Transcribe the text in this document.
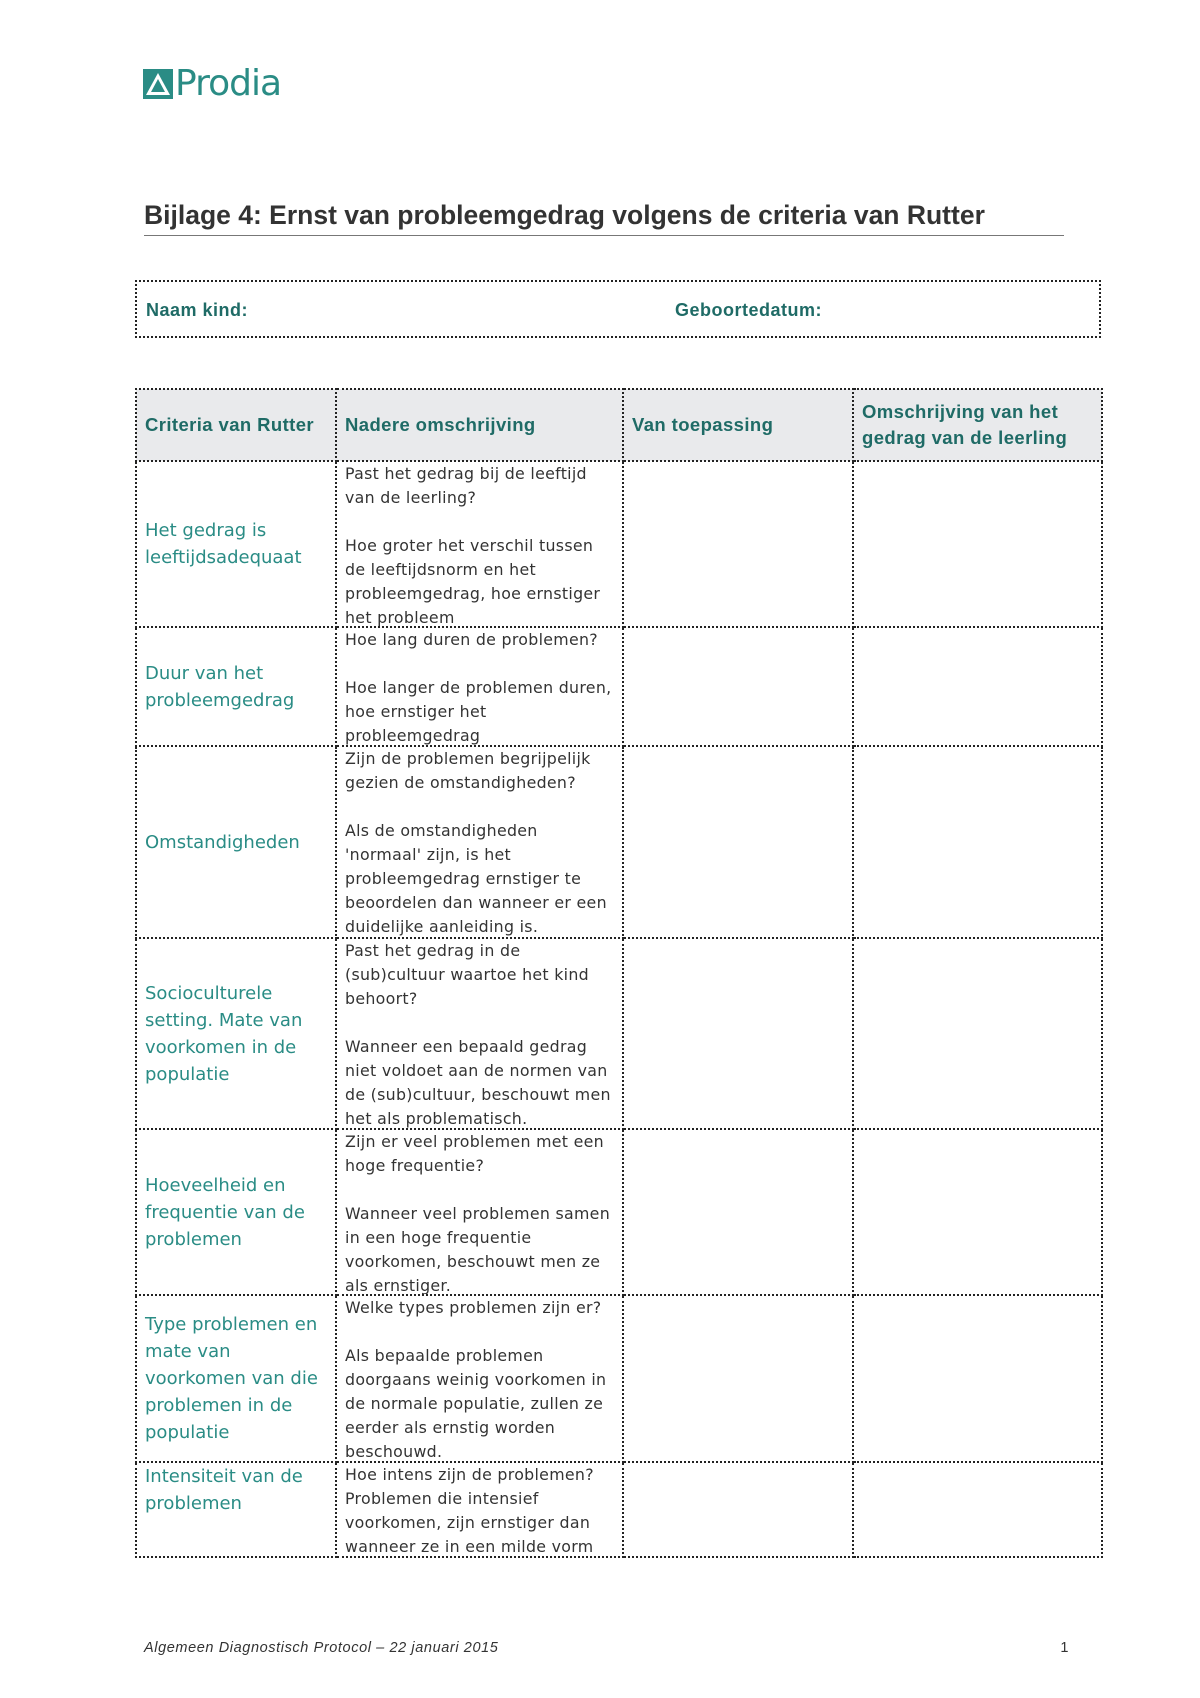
Prodia
Bijlage 4: Ernst van probleemgedrag volgens de criteria van Rutter
Naam kind:	Geboortedatum:
Criteria van Rutter	Nadere omschrijving	Van toepassing	Omschrijving van het gedrag van de leerling
Het gedrag is leeftijdsadequaat	Past het gedrag bij de leeftijd van de leerling?

Hoe groter het verschil tussen de leeftijdsnorm en het probleemgedrag, hoe ernstiger het probleem		

Duur van het probleemgedrag	Hoe lang duren de problemen?

Hoe langer de problemen duren, hoe ernstiger het probleemgedrag		

Omstandigheden	Zijn de problemen begrijpelijk gezien de omstandigheden?

Als de omstandigheden 'normaal' zijn, is het probleemgedrag ernstiger te beoordelen dan wanneer er een duidelijke aanleiding is.		

Socioculturele setting. Mate van voorkomen in de populatie	Past het gedrag in de (sub)cultuur waartoe het kind behoort?

Wanneer een bepaald gedrag niet voldoet aan de normen van de (sub)cultuur, beschouwt men het als problematisch.		

Hoeveelheid en frequentie van de problemen	Zijn er veel problemen met een hoge frequentie?

Wanneer veel problemen samen in een hoge frequentie voorkomen, beschouwt men ze als ernstiger.		

Type problemen en mate van voorkomen van die problemen in de populatie	Welke types problemen zijn er?

Als bepaalde problemen doorgaans weinig voorkomen in de normale populatie, zullen ze eerder als ernstig worden beschouwd.		

Intensiteit van de problemen	Hoe intens zijn de problemen?

Problemen die intensief voorkomen, zijn ernstiger dan wanneer ze in een milde vorm		

Algemeen Diagnostisch Protocol – 22 januari 2015	1
